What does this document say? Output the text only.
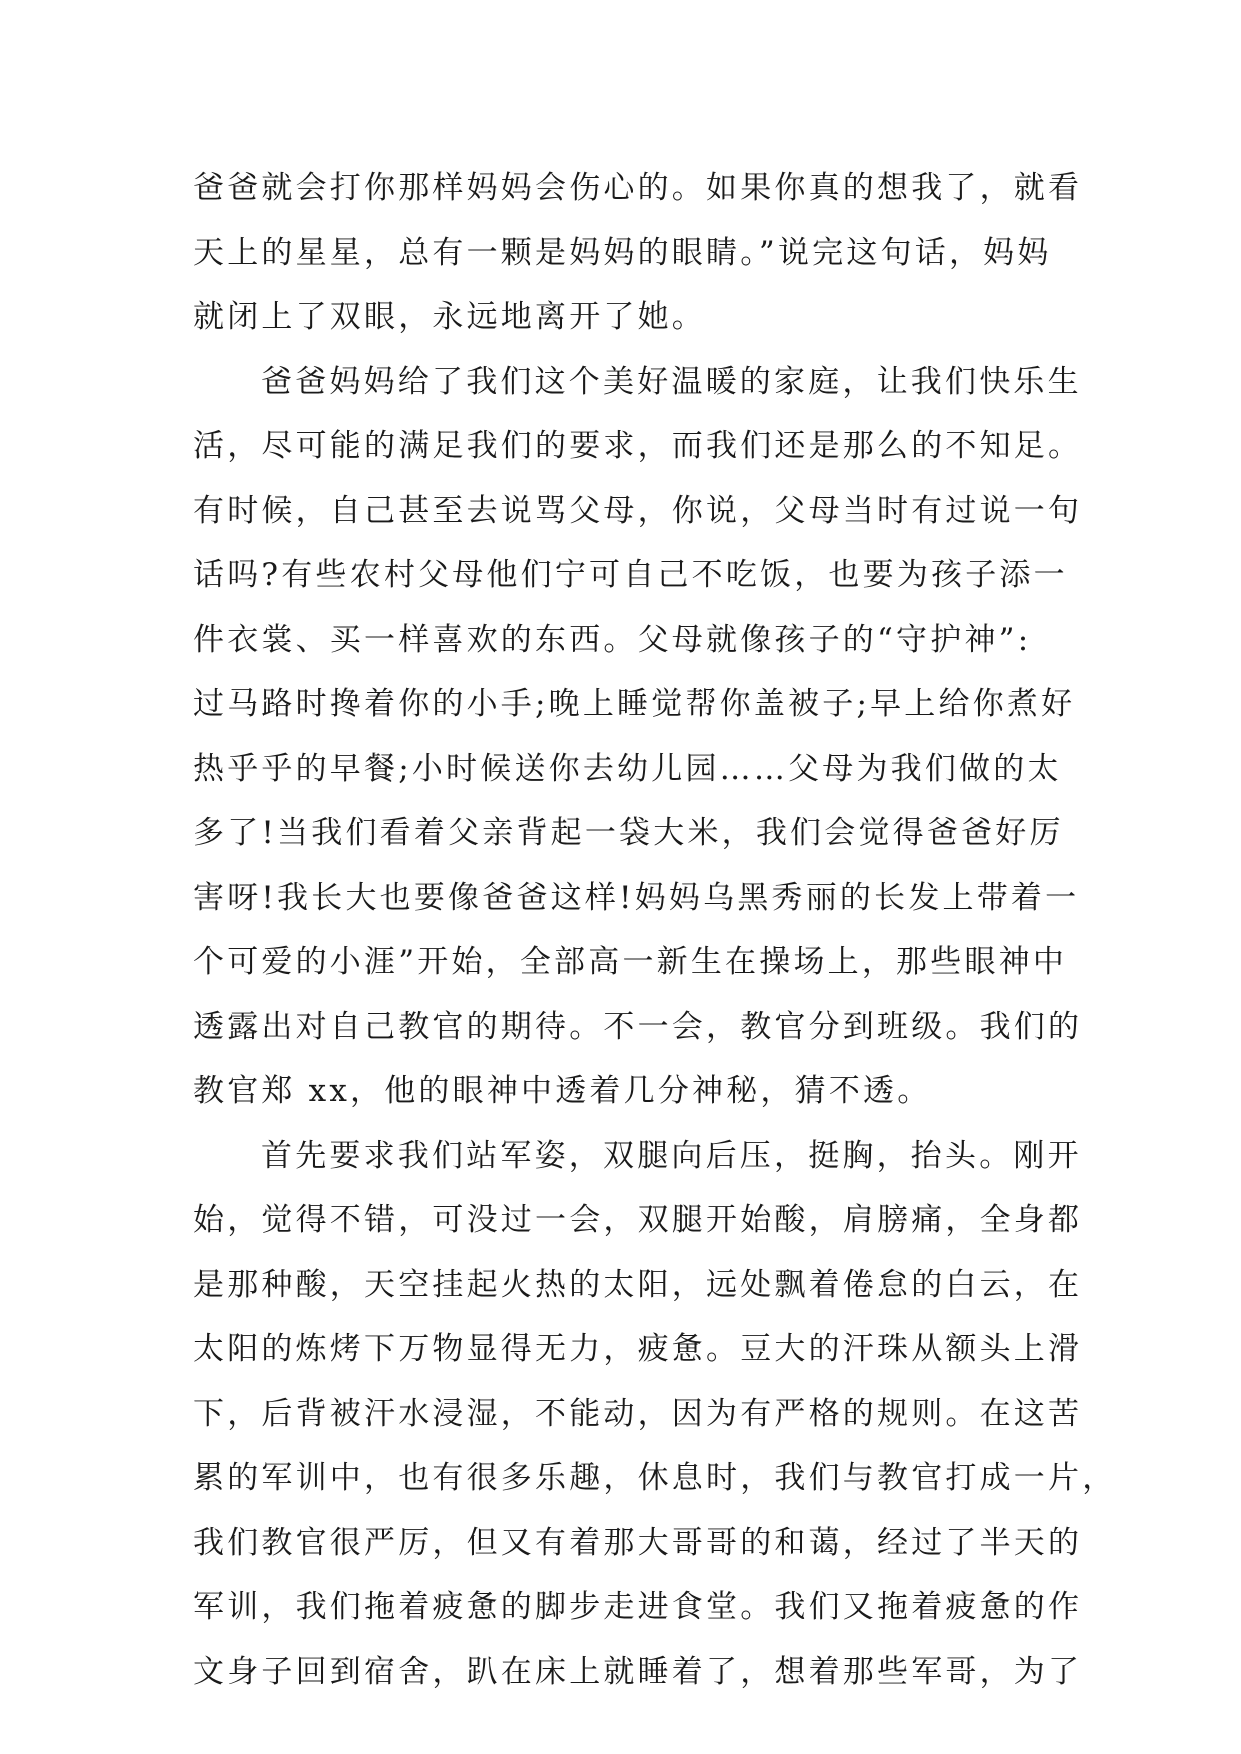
爸爸就会打你那样妈妈会伤心的。如果你真的想我了，就看
天上的星星，总有一颗是妈妈的眼睛。”说完这句话，妈妈
就闭上了双眼，永远地离开了她。
爸爸妈妈给了我们这个美好温暖的家庭，让我们快乐生
活，尽可能的满足我们的要求，而我们还是那么的不知足。
有时候，自己甚至去说骂父母，你说，父母当时有过说一句
话吗?有些农村父母他们宁可自己不吃饭，也要为孩子添一
件衣裳、买一样喜欢的东西。父母就像孩子的“守护神”:
过马路时搀着你的小手;晚上睡觉帮你盖被子;早上给你煮好
热乎乎的早餐;小时候送你去幼儿园……父母为我们做的太
多了!当我们看着父亲背起一袋大米，我们会觉得爸爸好厉
害呀!我长大也要像爸爸这样!妈妈乌黑秀丽的长发上带着一
个可爱的小涯”开始，全部高一新生在操场上，那些眼神中
透露出对自己教官的期待。不一会，教官分到班级。我们的
教官郑 xx，他的眼神中透着几分神秘，猜不透。
首先要求我们站军姿，双腿向后压，挺胸，抬头。刚开
始，觉得不错，可没过一会，双腿开始酸，肩膀痛，全身都
是那种酸，天空挂起火热的太阳，远处飘着倦怠的白云，在
太阳的炼烤下万物显得无力，疲惫。豆大的汗珠从额头上滑
下，后背被汗水浸湿，不能动，因为有严格的规则。在这苦
累的军训中，也有很多乐趣，休息时，我们与教官打成一片，
我们教官很严厉，但又有着那大哥哥的和蔼，经过了半天的
军训，我们拖着疲惫的脚步走进食堂。我们又拖着疲惫的作
文身子回到宿舍，趴在床上就睡着了，想着那些军哥，为了
